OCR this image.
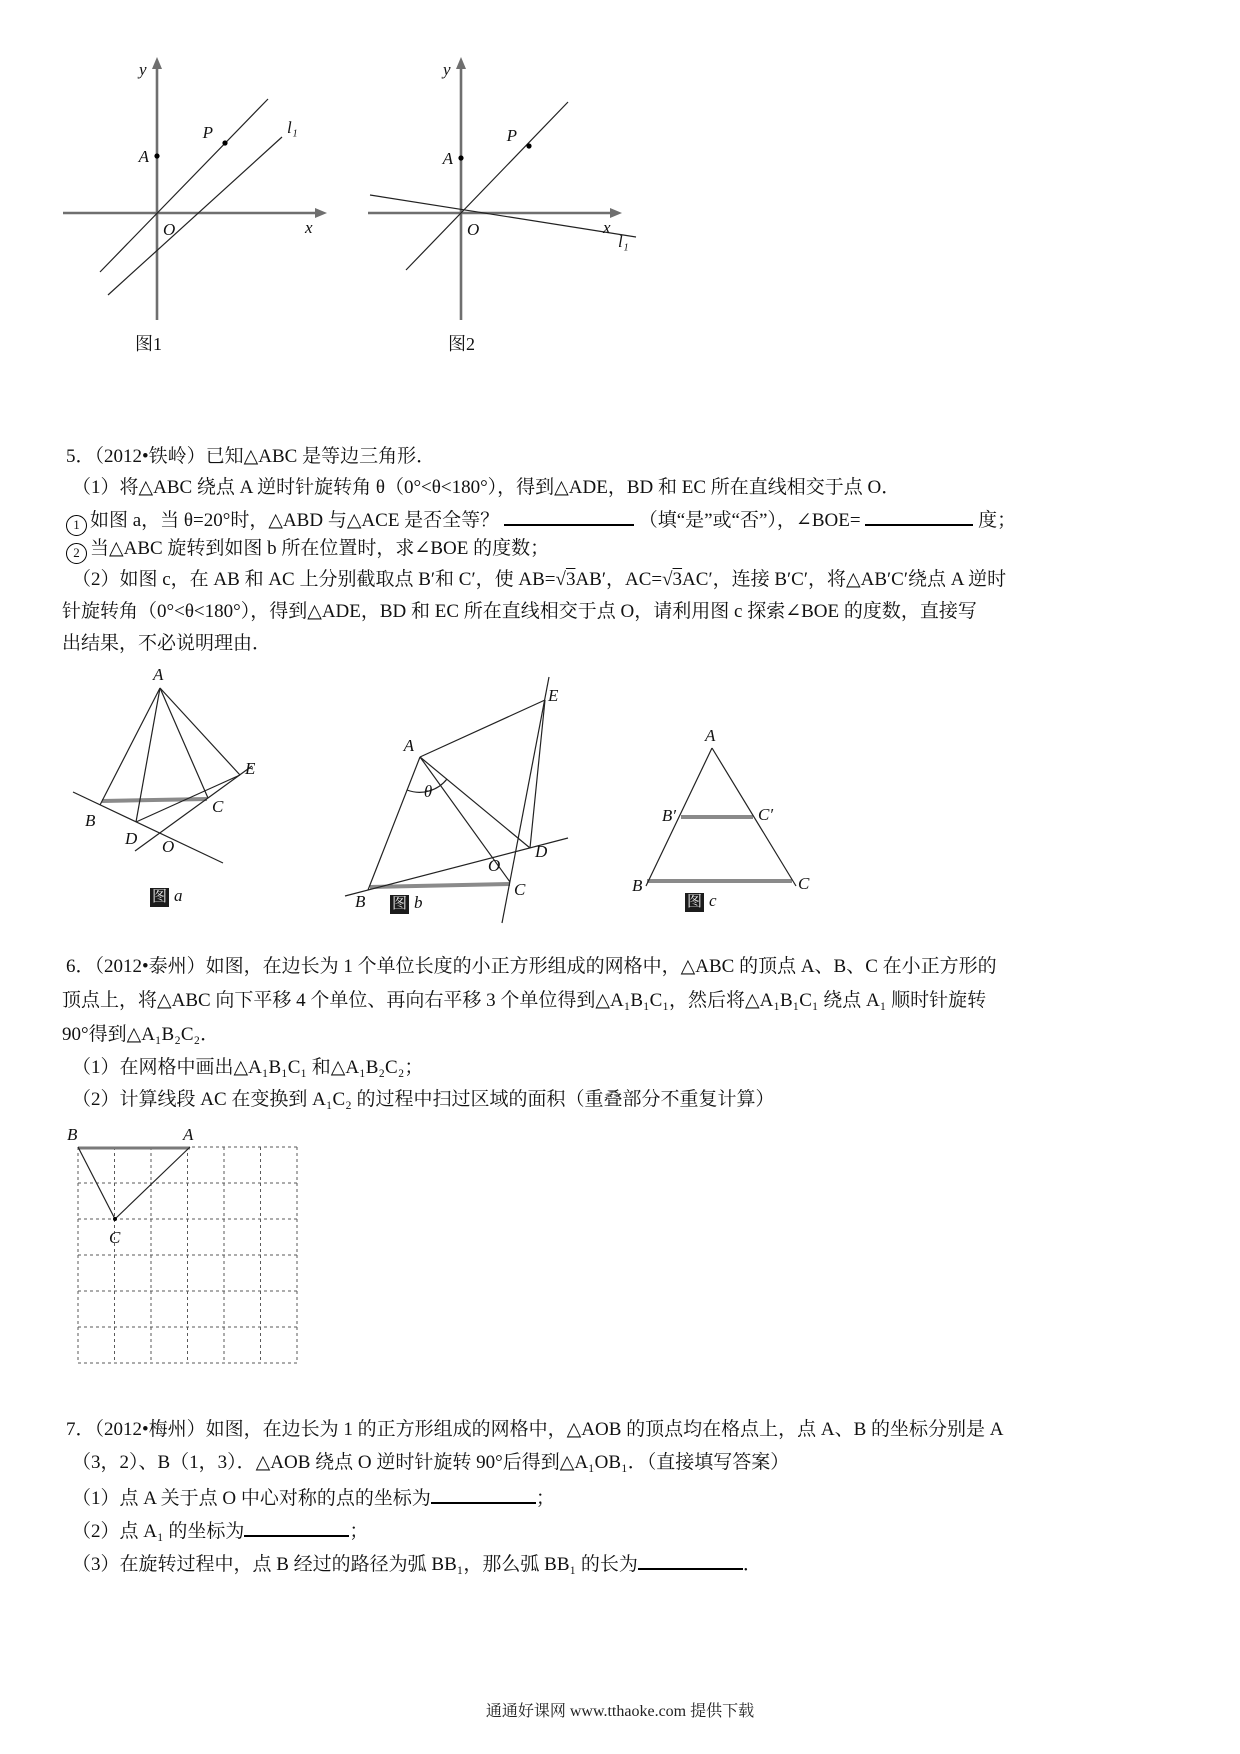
A
P
y
x
O
l₁
图1
A
P
y
x
O
l₁
图2
5．（2012•铁岭）已知△ABC 是等边三角形．
（1）将△ABC 绕点 A 逆时针旋转角 θ（0°<θ<180°），得到△ADE，BD 和 EC 所在直线相交于点 O．
1 如图 a，当 θ=20°时，△ABD 与△ACE 是否全等？	（填“是”或“否”），∠BOE=	度；
2 当△ABC 旋转到如图 b 所在位置时，求∠BOE 的度数；
（2）如图 c，在 AB 和 AC 上分别截取点 B′和 C′，使 AB=√3AB′，AC=√3AC′，连接 B′C′，将△AB′C′绕点 A 逆时
针旋转角（0°<θ<180°），得到△ADE，BD 和 EC 所在直线相交于点 O，请利用图 c 探索∠BOE 的度数，直接写
出结果，不必说明理由．
A
B
D
C
E
O
图 a
A
θ
E
D
O
B
C
图 b
A
B′	C′
B	C
图 c
6．（2012•泰州）如图，在边长为 1 个单位长度的小正方形组成的网格中，△ABC 的顶点 A、B、C 在小正方形的
顶点上，将△ABC 向下平移 4 个单位、再向右平移 3 个单位得到△A₁B₁C₁，然后将△A₁B₁C₁ 绕点 A₁ 顺时针旋转
90°得到△A₁B₂C₂．
（1）在网格中画出△A₁B₁C₁ 和△A₁B₂C₂；
（2）计算线段 AC 在变换到 A₁C₂ 的过程中扫过区域的面积（重叠部分不重复计算）
B	A
C
7．（2012•梅州）如图，在边长为 1 的正方形组成的网格中，△AOB 的顶点均在格点上，点 A、B 的坐标分别是 A
（3，2）、B（1，3）．△AOB 绕点 O 逆时针旋转 90°后得到△A₁OB₁．（直接填写答案）
（1）点 A 关于点 O 中心对称的点的坐标为	；
（2）点 A₁ 的坐标为	；
（3）在旋转过程中，点 B 经过的路径为弧 BB₁，那么弧 BB₁ 的长为	．
通通好课网 www.tthaoke.com 提供下载
